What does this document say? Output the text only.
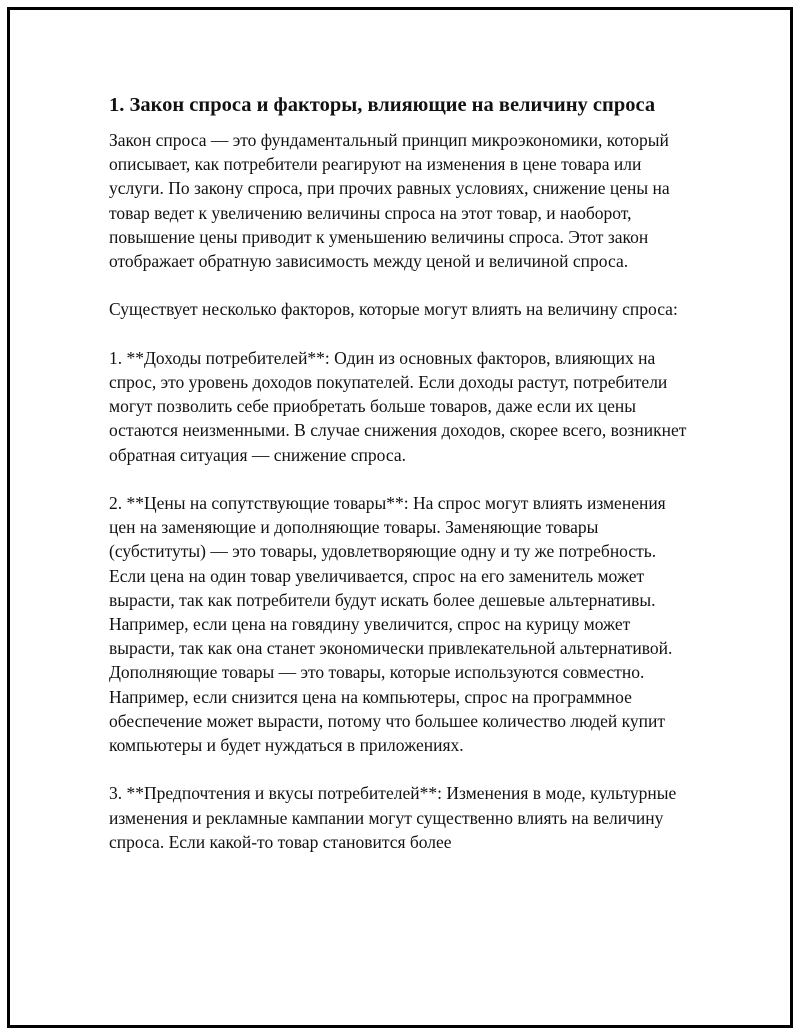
1. Закон спроса и факторы, влияющие на величину спроса

Закон спроса — это фундаментальный принцип микроэкономики, который описывает, как потребители реагируют на изменения в цене товара или услуги. По закону спроса, при прочих равных условиях, снижение цены на товар ведет к увеличению величины спроса на этот товар, и наоборот, повышение цены приводит к уменьшению величины спроса. Этот закон отображает обратную зависимость между ценой и величиной спроса.

Существует несколько факторов, которые могут влиять на величину спроса:

1. **Доходы потребителей**: Один из основных факторов, влияющих на спрос, это уровень доходов покупателей. Если доходы растут, потребители могут позволить себе приобретать больше товаров, даже если их цены остаются неизменными. В случае снижения доходов, скорее всего, возникнет обратная ситуация — снижение спроса.

2. **Цены на сопутствующие товары**: На спрос могут влиять изменения цен на заменяющие и дополняющие товары. Заменяющие товары (субституты) — это товары, удовлетворяющие одну и ту же потребность. Если цена на один товар увеличивается, спрос на его заменитель может вырасти, так как потребители будут искать более дешевые альтернативы. Например, если цена на говядину увеличится, спрос на курицу может вырасти, так как она станет экономически привлекательной альтернативой. Дополняющие товары — это товары, которые используются совместно. Например, если снизится цена на компьютеры, спрос на программное обеспечение может вырасти, потому что большее количество людей купит компьютеры и будет нуждаться в приложениях.

3. **Предпочтения и вкусы потребителей**: Изменения в моде, культурные изменения и рекламные кампании могут существенно влиять на величину спроса. Если какой-то товар становится более
